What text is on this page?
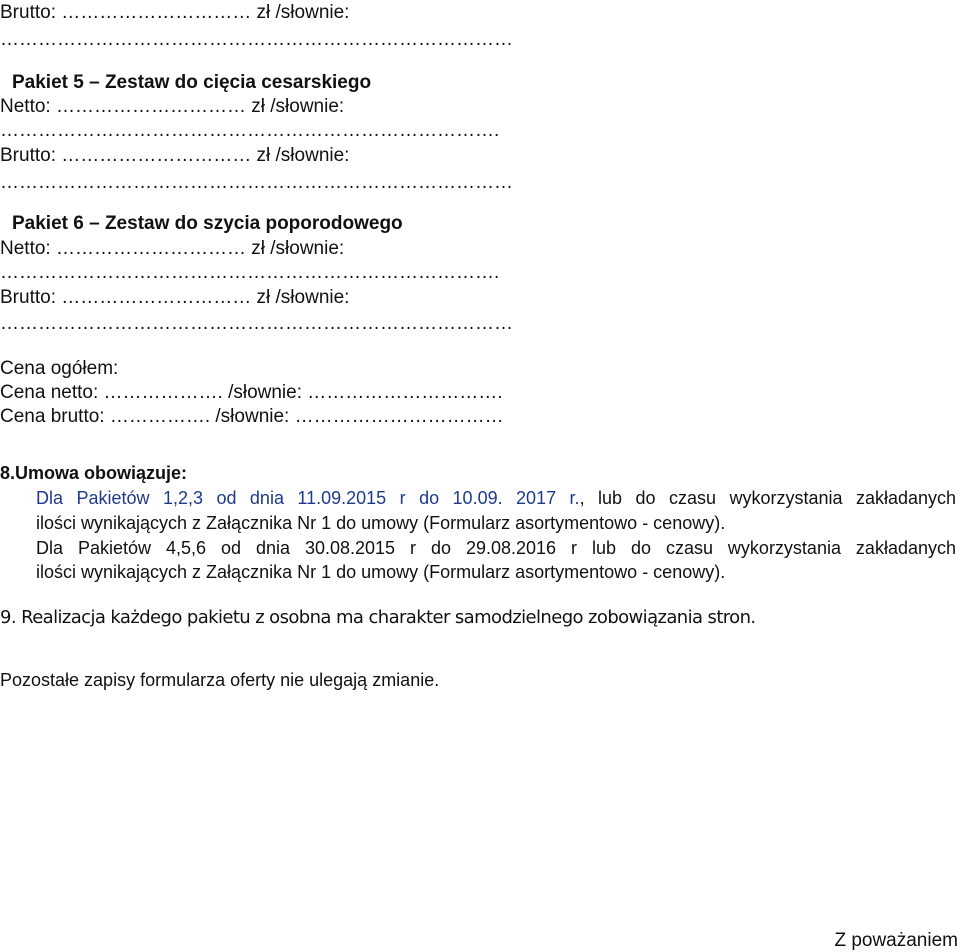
Brutto: ………………………… zł /słownie:
………………………………………………………………………
Pakiet 5 – Zestaw do cięcia cesarskiego
Netto: ………………………… zł /słownie:
…………………………………………………………………….
Brutto: ………………………… zł /słownie:
………………………………………………………………………
Pakiet 6 – Zestaw do szycia poporodowego
Netto: ………………………… zł /słownie:
…………………………………………………………………….
Brutto: ………………………… zł /słownie:
………………………………………………………………………
Cena ogółem:
Cena netto: ………………. /słownie: ………………………….
Cena brutto: ……………. /słownie: ……………………………
8.Umowa obowiązuje:
Dla Pakietów 1,2,3 od dnia 11.09.2015 r do 10.09. 2017 r., lub do czasu wykorzystania zakładanych
ilości wynikających z Załącznika Nr 1 do umowy (Formularz asortymentowo - cenowy).
Dla Pakietów 4,5,6 od dnia 30.08.2015 r do 29.08.2016 r lub do czasu wykorzystania zakładanych
ilości wynikających z Załącznika Nr 1 do umowy (Formularz asortymentowo - cenowy).
9. Realizacja każdego pakietu z osobna ma charakter samodzielnego zobowiązania stron.
Pozostałe zapisy formularza oferty nie ulegają zmianie.
Z poważaniem
